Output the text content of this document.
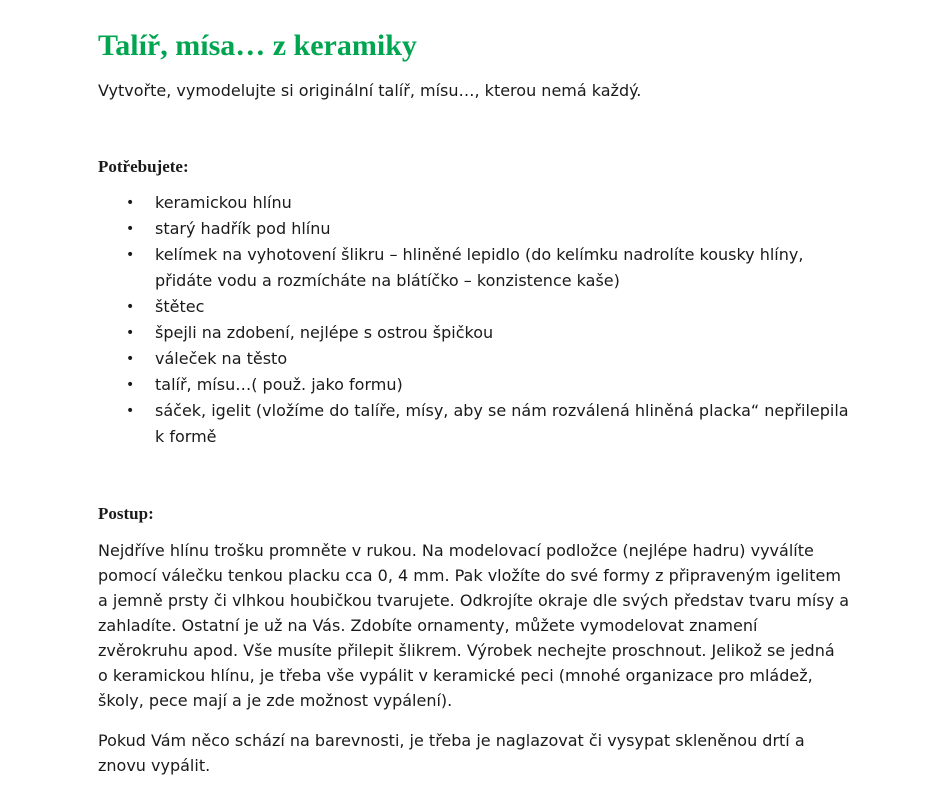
Talíř, mísa… z keramiky

Vytvořte, vymodelujte si originální talíř, mísu…, kterou nemá každý.

Potřebujete:
• keramickou hlínu
• starý hadřík pod hlínu
• kelímek na vyhotovení šlikru – hliněné lepidlo (do kelímku nadrolíte kousky hlíny,
přidáte vodu a rozmícháte na blátíčko – konzistence kaše)
• štětec
• špejli na zdobení, nejlépe s ostrou špičkou
• váleček na těsto
• talíř, mísu…( použ. jako formu)
• sáček, igelit (vložíme do talíře, mísy, aby se nám rozválená hliněná placka“ nepřilepila
k formě
Postup:

Nejdříve hlínu trošku promněte v rukou. Na modelovací podložce (nejlépe hadru) vyválíte
pomocí válečku tenkou placku cca 0, 4 mm. Pak vložíte do své formy z připraveným igelitem
a jemně prsty či vlhkou houbičkou tvarujete. Odkrojíte okraje dle svých představ tvaru mísy a
zahladíte. Ostatní je už na Vás. Zdobíte ornamenty, můžete vymodelovat znamení
zvěrokruhu apod. Vše musíte přilepit šlikrem. Výrobek nechejte proschnout. Jelikož se jedná
o keramickou hlínu, je třeba vše vypálit v keramické peci (mnohé organizace pro mládež,
školy, pece mají a je zde možnost vypálení).

Pokud Vám něco schází na barevnosti, je třeba je naglazovat či vysypat skleněnou drtí a
znovu vypálit.
